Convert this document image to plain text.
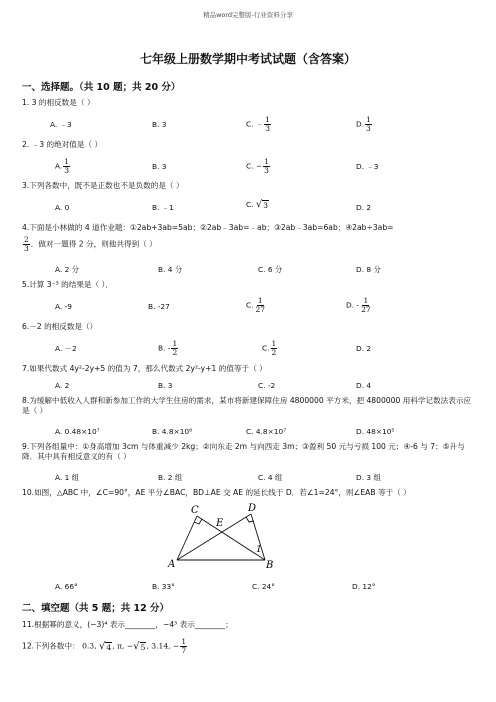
精品word完整版-行业资料分享
七年级上册数学期中考试试题（含答案）
一、选择题。（共 10 题；共 20 分）
1. 3 的相反数是（ ）
A. ﹣3	B. 3	C. ﹣ $\frac{1}{3}$	D. $\frac{1}{3}$
2. ﹣3 的绝对值是（ ）
A. $\frac{1}{3}$	B. 3	C. − $\frac{1}{3}$	D. ﹣3
3.下列各数中，既不是正数也不是负数的是（ ）
A. 0	B. ﹣1	C. √ 3	D. 2
4.下面是小林做的 4 道作业题：①2ab+3ab=5ab；②2ab﹣3ab=﹣ab；③2ab﹣3ab=6ab；④2ab÷3ab=
$\frac{2}{3}$ ．做对一题得 2 分，则他共得到（ ）
A. 2 分	B. 4 分	C. 6 分	D. 8 分
5.计算 3⁻³ 的结果是（ ）．
A. -9	B. -27	C. $\frac{1}{27}$	D. - $\frac{1}{27}$
6.－2 的相反数是（）
A. －2	B. - $\frac{1}{2}$	C. $\frac{1}{2}$	D. 2
7.如果代数式 4y²-2y+5 的值为 7，那么代数式 2y²-y+1 的值等于（ ）
A. 2	B. 3	C. -2	D. 4
8.为缓解中低收入人群和新参加工作的大学生住房的需求，某市将新建保障住房 4800000 平方米，把 4800000 用科学记数法表示应是（ ）
A. 0.48×10⁷	B. 4.8×10⁶	C. 4.8×10⁷	D. 48×10⁵
9.下列各组量中：①身高增加 3cm 与体重减少 2kg；②向东走 2m 与向西走 3m；③盈利 50 元与亏损 100 元；④-6 与 7；⑤升与降．其中具有相反意义的有（ ）
A. 1 组	B. 2 组	C. 4 组	D. 3 组
10.如图，△ABC 中，∠C=90°，AE 平分∠BAC，BD⊥AE 交 AE 的延长线于 D．若∠1=24°，则∠EAB 等于（ ）
C	D
E
A	B
1
A. 66°	B. 33°	C. 24°	D. 12°
二、填空题（共 5 题；共 12 分）
11.根据幂的意义，(−3)⁴ 表示________，−4³ 表示________；
12.下列各数中： 0.3, √ 4 , π, − √ 5 , 3.14, − $\frac{1}{7}$
